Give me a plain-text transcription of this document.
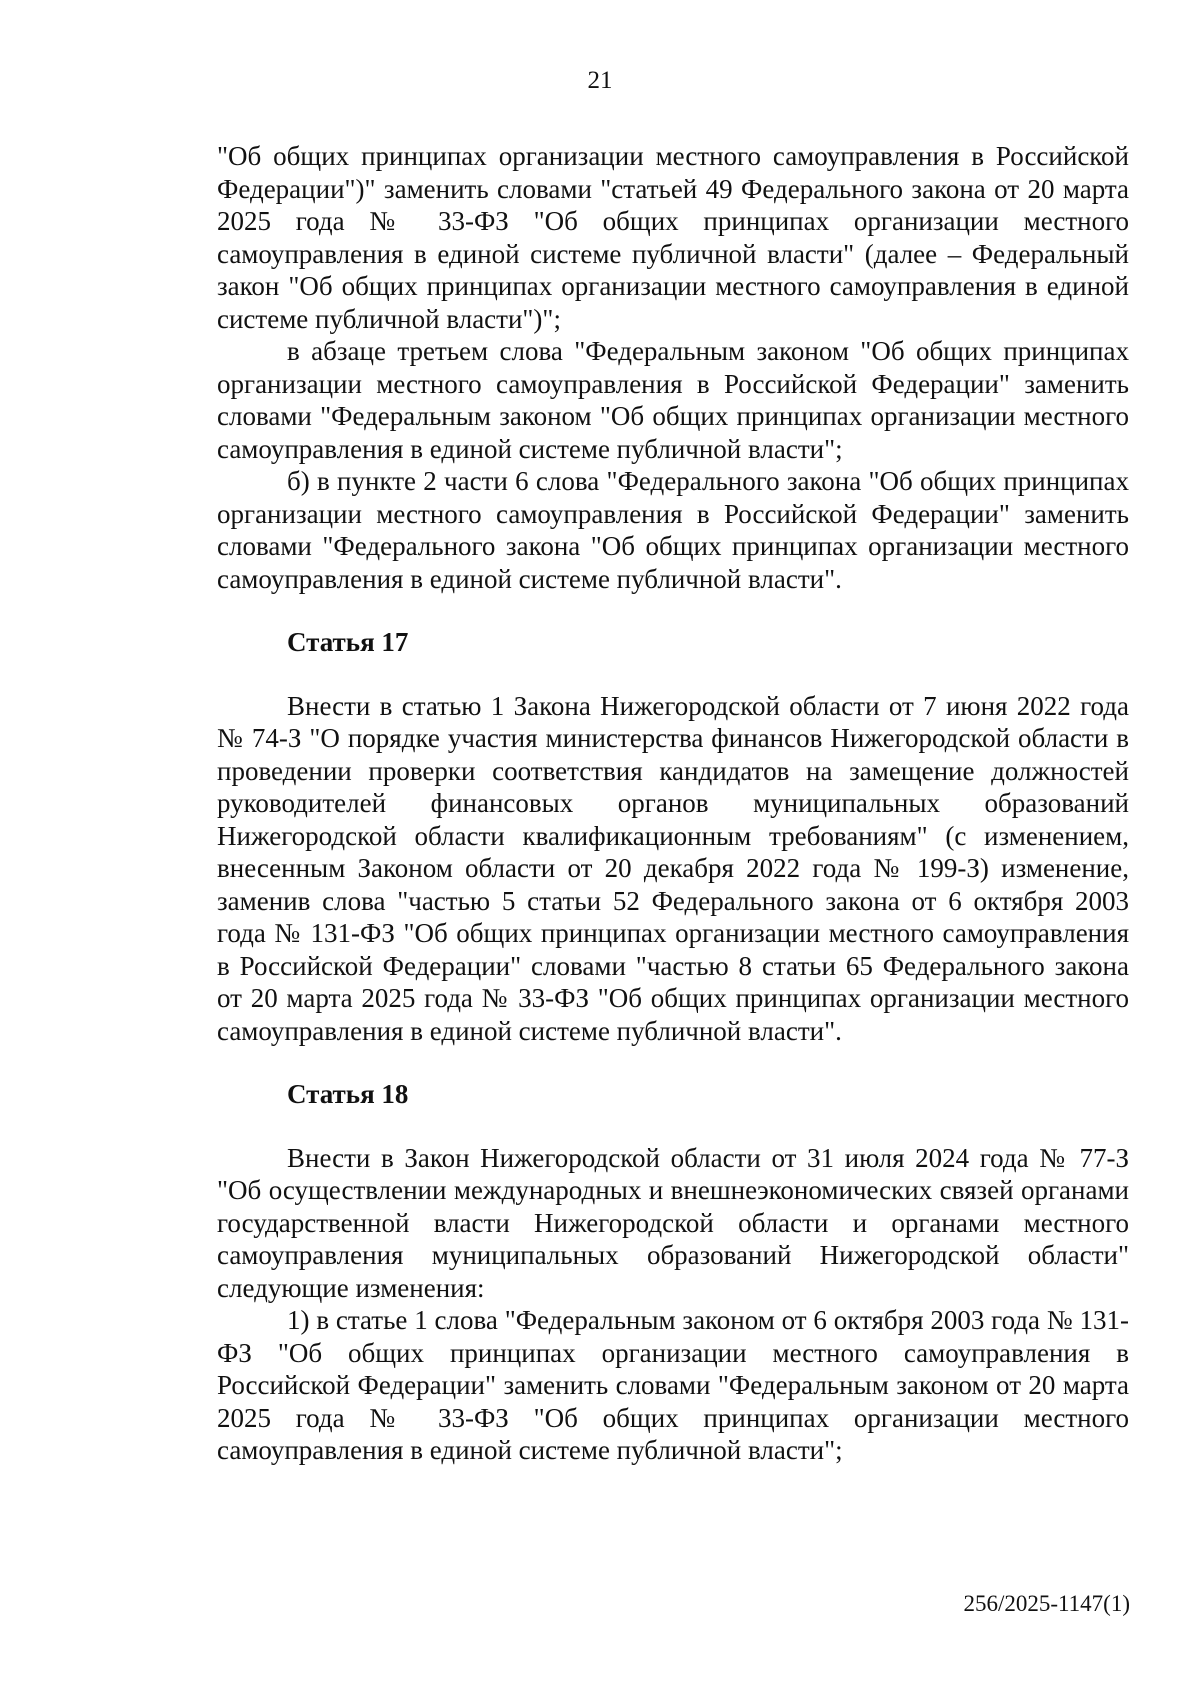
21

"Об общих принципах организации местного самоуправления в Российской Федерации")" заменить словами "статьей 49 Федерального закона от 20 марта 2025 года № 33-ФЗ "Об общих принципах организации местного самоуправления в единой системе публичной власти" (далее – Федеральный закон "Об общих принципах организации местного самоуправления в единой системе публичной власти")";

в абзаце третьем слова "Федеральным законом "Об общих принципах организации местного самоуправления в Российской Федерации" заменить словами "Федеральным законом "Об общих принципах организации местного самоуправления в единой системе публичной власти";

б) в пункте 2 части 6 слова "Федерального закона "Об общих принципах организации местного самоуправления в Российской Федерации" заменить словами "Федерального закона "Об общих принципах организации местного самоуправления в единой системе публичной власти".

Статья 17

Внести в статью 1 Закона Нижегородской области от 7 июня 2022 года № 74-З "О порядке участия министерства финансов Нижегородской области в проведении проверки соответствия кандидатов на замещение должностей руководителей финансовых органов муниципальных образований Нижегородской области квалификационным требованиям" (с изменением, внесенным Законом области от 20 декабря 2022 года № 199-З) изменение, заменив слова "частью 5 статьи 52 Федерального закона от 6 октября 2003 года № 131-ФЗ "Об общих принципах организации местного самоуправления в Российской Федерации" словами "частью 8 статьи 65 Федерального закона от 20 марта 2025 года № 33-ФЗ "Об общих принципах организации местного самоуправления в единой системе публичной власти".

Статья 18

Внести в Закон Нижегородской области от 31 июля 2024 года № 77-З "Об осуществлении международных и внешнеэкономических связей органами государственной власти Нижегородской области и органами местного самоуправления муниципальных образований Нижегородской области" следующие изменения:

1) в статье 1 слова "Федеральным законом от 6 октября 2003 года № 131-ФЗ "Об общих принципах организации местного самоуправления в Российской Федерации" заменить словами "Федеральным законом от 20 марта 2025 года № 33-ФЗ "Об общих принципах организации местного самоуправления в единой системе публичной власти";

256/2025-1147(1)
